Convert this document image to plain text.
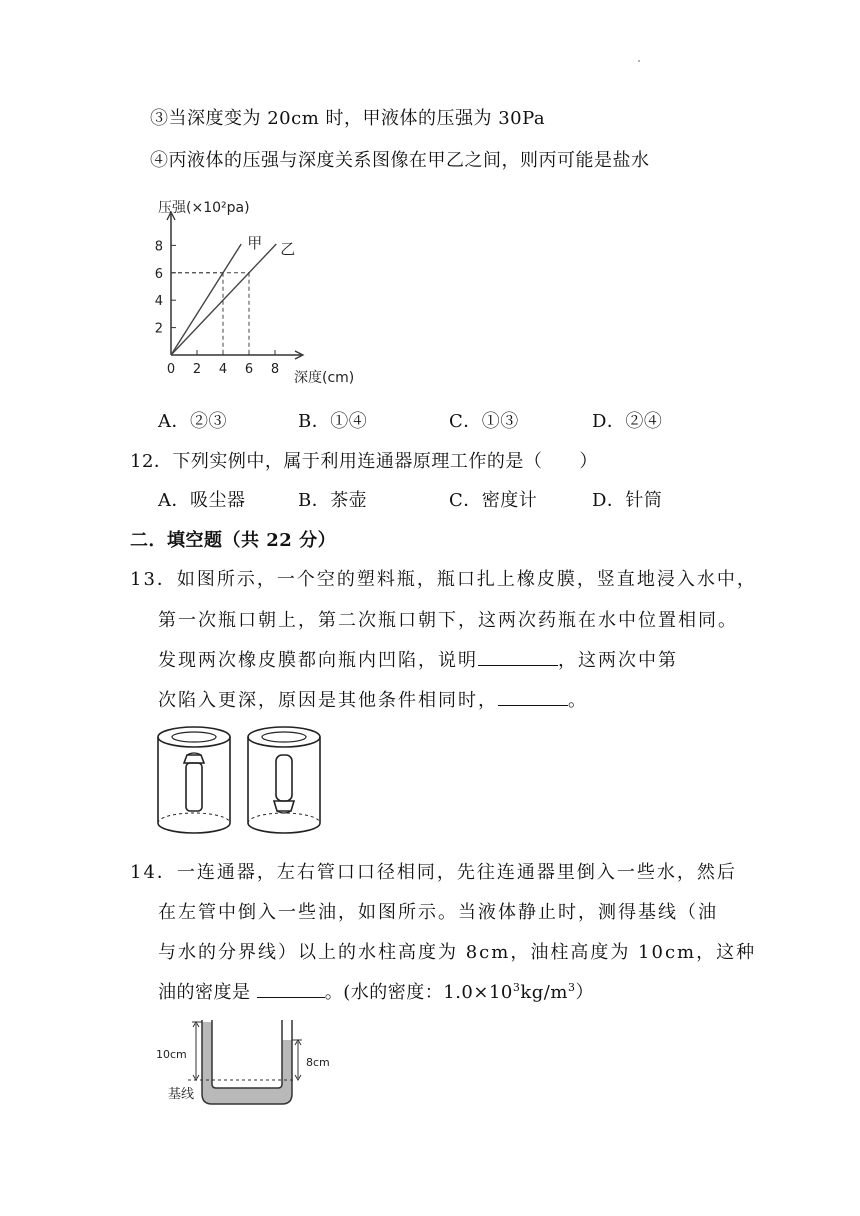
③当深度变为 20cm 时，甲液体的压强为 30Pa
④丙液体的压强与深度关系图像在甲乙之间，则丙可能是盐水
压强(×10²pa)
0 2 4 6 8
2
4
6
8	甲 乙
深度(cm)
A．②③	B．①④	C．①③	D．②④
12．下列实例中，属于利用连通器原理工作的是（　　）
A．吸尘器	B．茶壶	C．密度计	D．针筒
二．填空题（共 22 分）
13．如图所示，一个空的塑料瓶，瓶口扎上橡皮膜，竖直地浸入水中，
第一次瓶口朝上，第二次瓶口朝下，这两次药瓶在水中位置相同。
发现两次橡皮膜都向瓶内凹陷，说明	，这两次中第
次陷入更深，原因是其他条件相同时，	。
14．一连通器，左右管口口径相同，先往连通器里倒入一些水，然后
在左管中倒入一些油，如图所示。当液体静止时，测得基线（油
与水的分界线）以上的水柱高度为 8cm，油柱高度为 10cm，这种
油的密度是	。(水的密度：$1.0\times 10^3kg/m^3$）
10cm
8cm
基线
